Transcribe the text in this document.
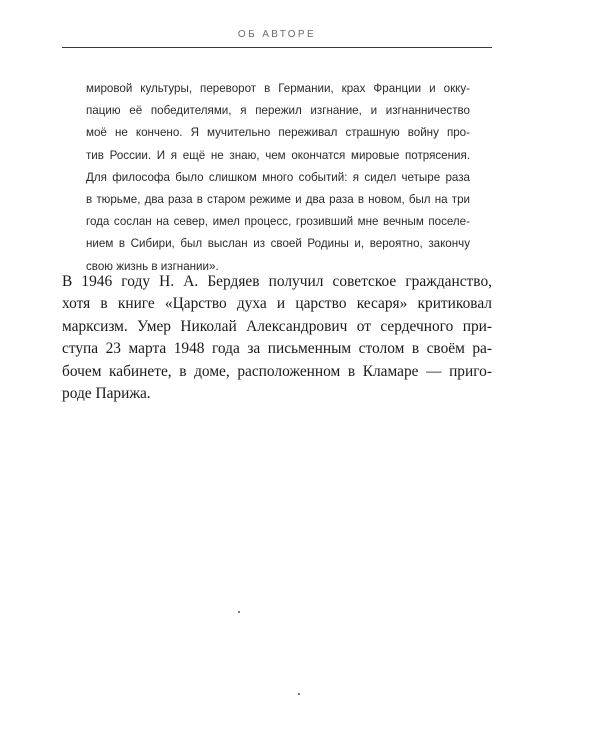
ОБ АВТОРЕ
мировой культуры, переворот в Германии, крах Франции и окку-
пацию её победителями, я пережил изгнание, и изгнанничество
моё не кончено. Я мучительно переживал страшную войну про-
тив России. И я ещё не знаю, чем окончатся мировые потрясения.
Для философа было слишком много событий: я сидел четыре раза
в тюрьме, два раза в старом режиме и два раза в новом, был на три
года сослан на север, имел процесс, грозивший мне вечным поселе-
нием в Сибири, был выслан из своей Родины и, вероятно, закончу
свою жизнь в изгнании».
В 1946 году Н. А. Бердяев получил советское гражданство,
хотя в книге «Царство духа и царство кесаря» критиковал
марксизм. Умер Николай Александрович от сердечного при-
ступа 23 марта 1948 года за письменным столом в своём ра-
бочем кабинете, в доме, расположенном в Кламаре — приго-
роде Парижа.
